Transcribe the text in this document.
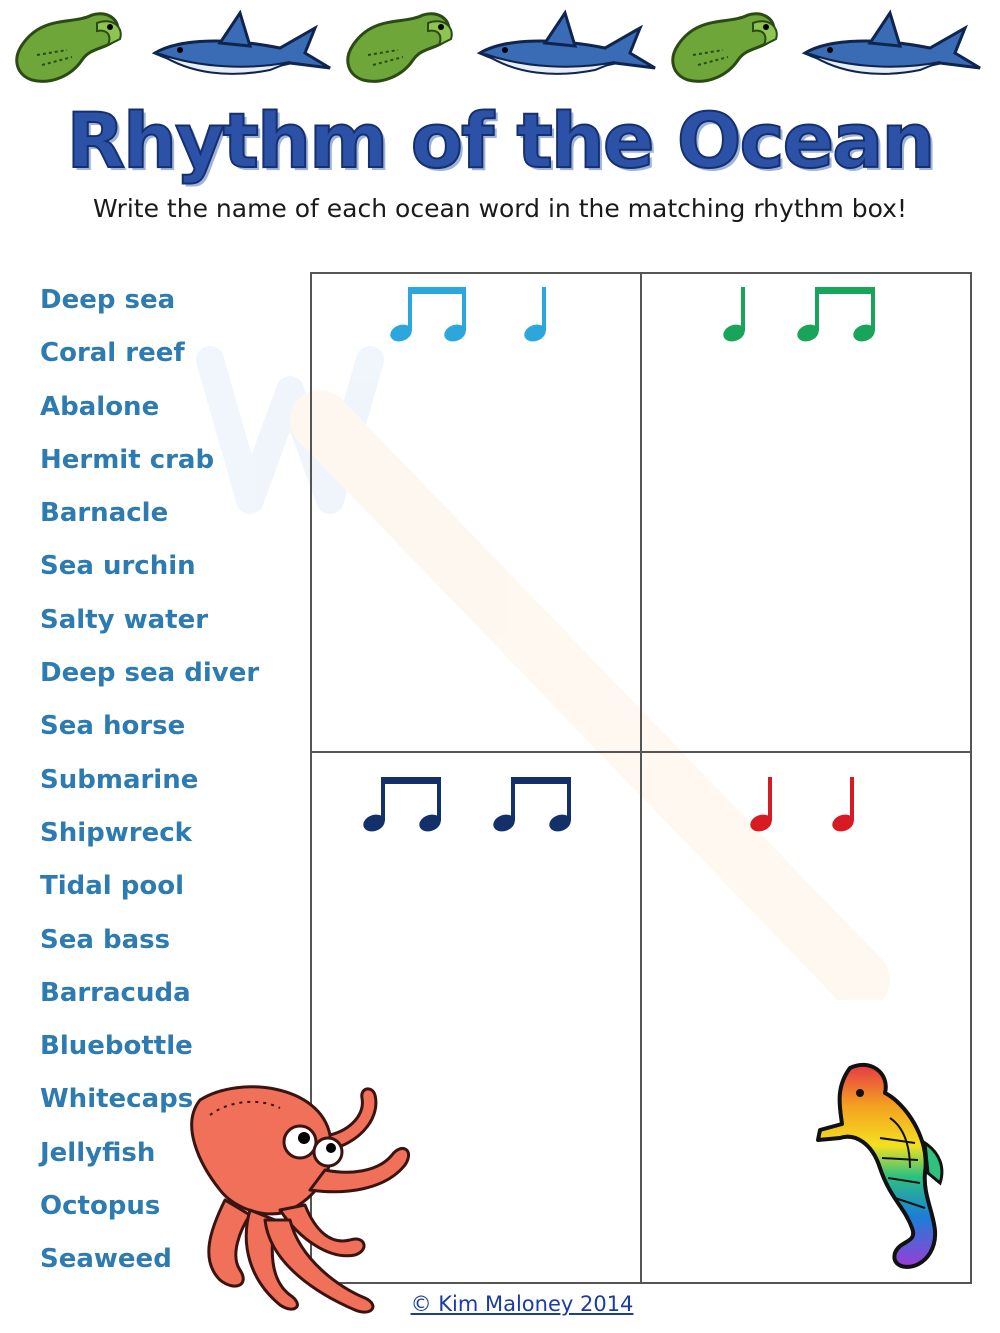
Rhythm of the Ocean

Write the name of each ocean word in the matching rhythm box!

Deep sea
Coral reef
Abalone
Hermit crab
Barnacle
Sea urchin
Salty water
Deep sea diver
Sea horse
Submarine
Shipwreck
Tidal pool
Sea bass
Barracuda
Bluebottle
Whitecaps
Jellyfish
Octopus
Seaweed

© Kim Maloney 2014
